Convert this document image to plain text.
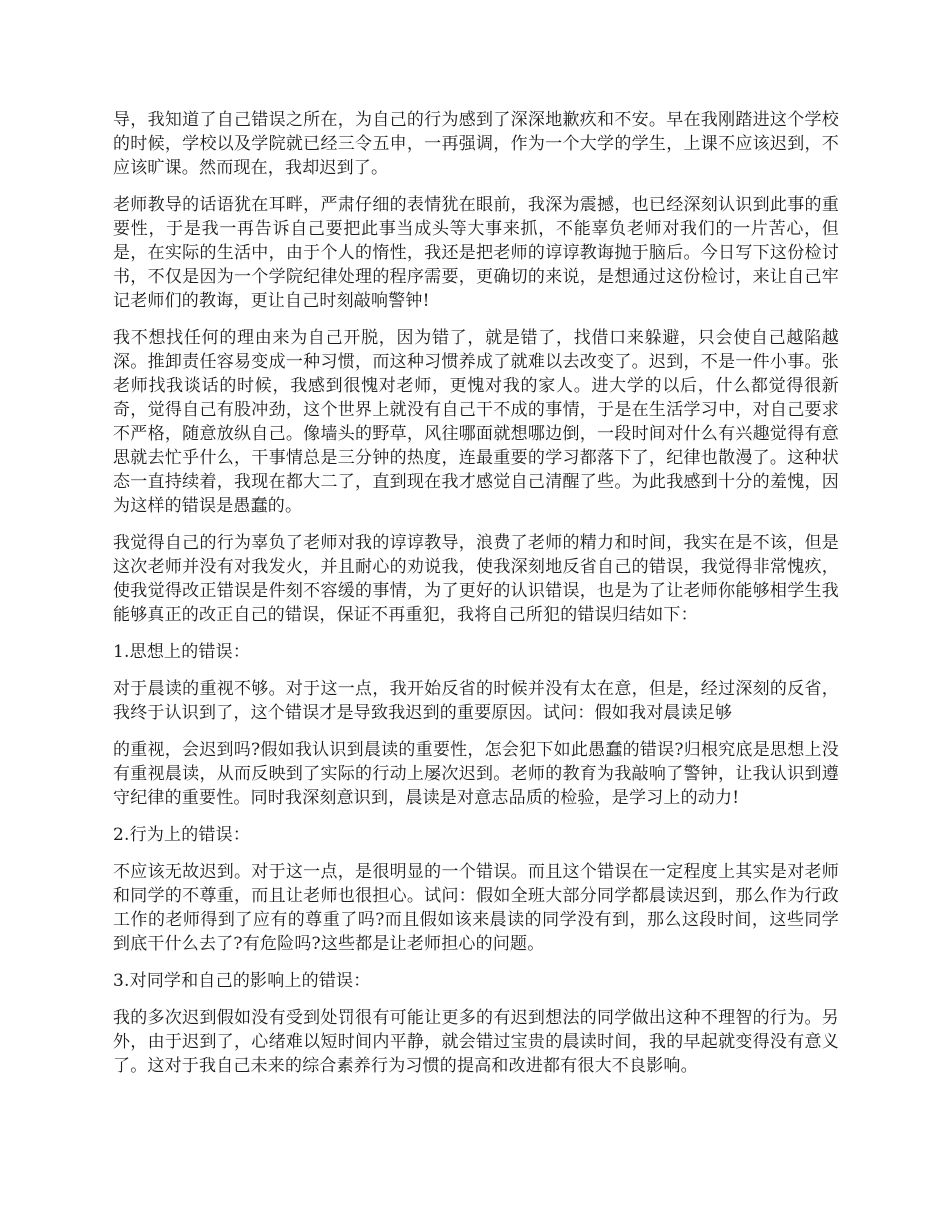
导，我知道了自己错误之所在，为自己的行为感到了深深地歉疚和不安。早在我刚踏进这个学校的时候，学校以及学院就已经三令五申，一再强调，作为一个大学的学生，上课不应该迟到，不应该旷课。然而现在，我却迟到了。

老师教导的话语犹在耳畔，严肃仔细的表情犹在眼前，我深为震撼，也已经深刻认识到此事的重要性，于是我一再告诉自己要把此事当成头等大事来抓，不能辜负老师对我们的一片苦心，但是，在实际的生活中，由于个人的惰性，我还是把老师的谆谆教诲抛于脑后。今日写下这份检讨书，不仅是因为一个学院纪律处理的程序需要，更确切的来说，是想通过这份检讨，来让自己牢记老师们的教诲，更让自己时刻敲响警钟!

我不想找任何的理由来为自己开脱，因为错了，就是错了，找借口来躲避，只会使自己越陷越深。推卸责任容易变成一种习惯，而这种习惯养成了就难以去改变了。迟到，不是一件小事。张老师找我谈话的时候，我感到很愧对老师，更愧对我的家人。进大学的以后，什么都觉得很新奇，觉得自己有股冲劲，这个世界上就没有自己干不成的事情，于是在生活学习中，对自己要求不严格，随意放纵自己。像墙头的野草，风往哪面就想哪边倒，一段时间对什么有兴趣觉得有意思就去忙乎什么，干事情总是三分钟的热度，连最重要的学习都落下了，纪律也散漫了。这种状态一直持续着，我现在都大二了，直到现在我才感觉自己清醒了些。为此我感到十分的羞愧，因为这样的错误是愚蠢的。

我觉得自己的行为辜负了老师对我的谆谆教导，浪费了老师的精力和时间，我实在是不该，但是这次老师并没有对我发火，并且耐心的劝说我，使我深刻地反省自己的错误，我觉得非常愧疚，使我觉得改正错误是件刻不容缓的事情，为了更好的认识错误，也是为了让老师你能够相学生我能够真正的改正自己的错误，保证不再重犯，我将自己所犯的错误归结如下：

1.思想上的错误：

对于晨读的重视不够。对于这一点，我开始反省的时候并没有太在意，但是，经过深刻的反省，我终于认识到了，这个错误才是导致我迟到的重要原因。试问：假如我对晨读足够

的重视，会迟到吗?假如我认识到晨读的重要性，怎会犯下如此愚蠢的错误?归根究底是思想上没有重视晨读，从而反映到了实际的行动上屡次迟到。老师的教育为我敲响了警钟，让我认识到遵守纪律的重要性。同时我深刻意识到，晨读是对意志品质的检验，是学习上的动力!

2.行为上的错误：

不应该无故迟到。对于这一点，是很明显的一个错误。而且这个错误在一定程度上其实是对老师和同学的不尊重，而且让老师也很担心。试问：假如全班大部分同学都晨读迟到，那么作为行政工作的老师得到了应有的尊重了吗?而且假如该来晨读的同学没有到，那么这段时间，这些同学到底干什么去了?有危险吗?这些都是让老师担心的问题。

3.对同学和自己的影响上的错误：

我的多次迟到假如没有受到处罚很有可能让更多的有迟到想法的同学做出这种不理智的行为。另外，由于迟到了，心绪难以短时间内平静，就会错过宝贵的晨读时间，我的早起就变得没有意义了。这对于我自己未来的综合素养行为习惯的提高和改进都有很大不良影响。
